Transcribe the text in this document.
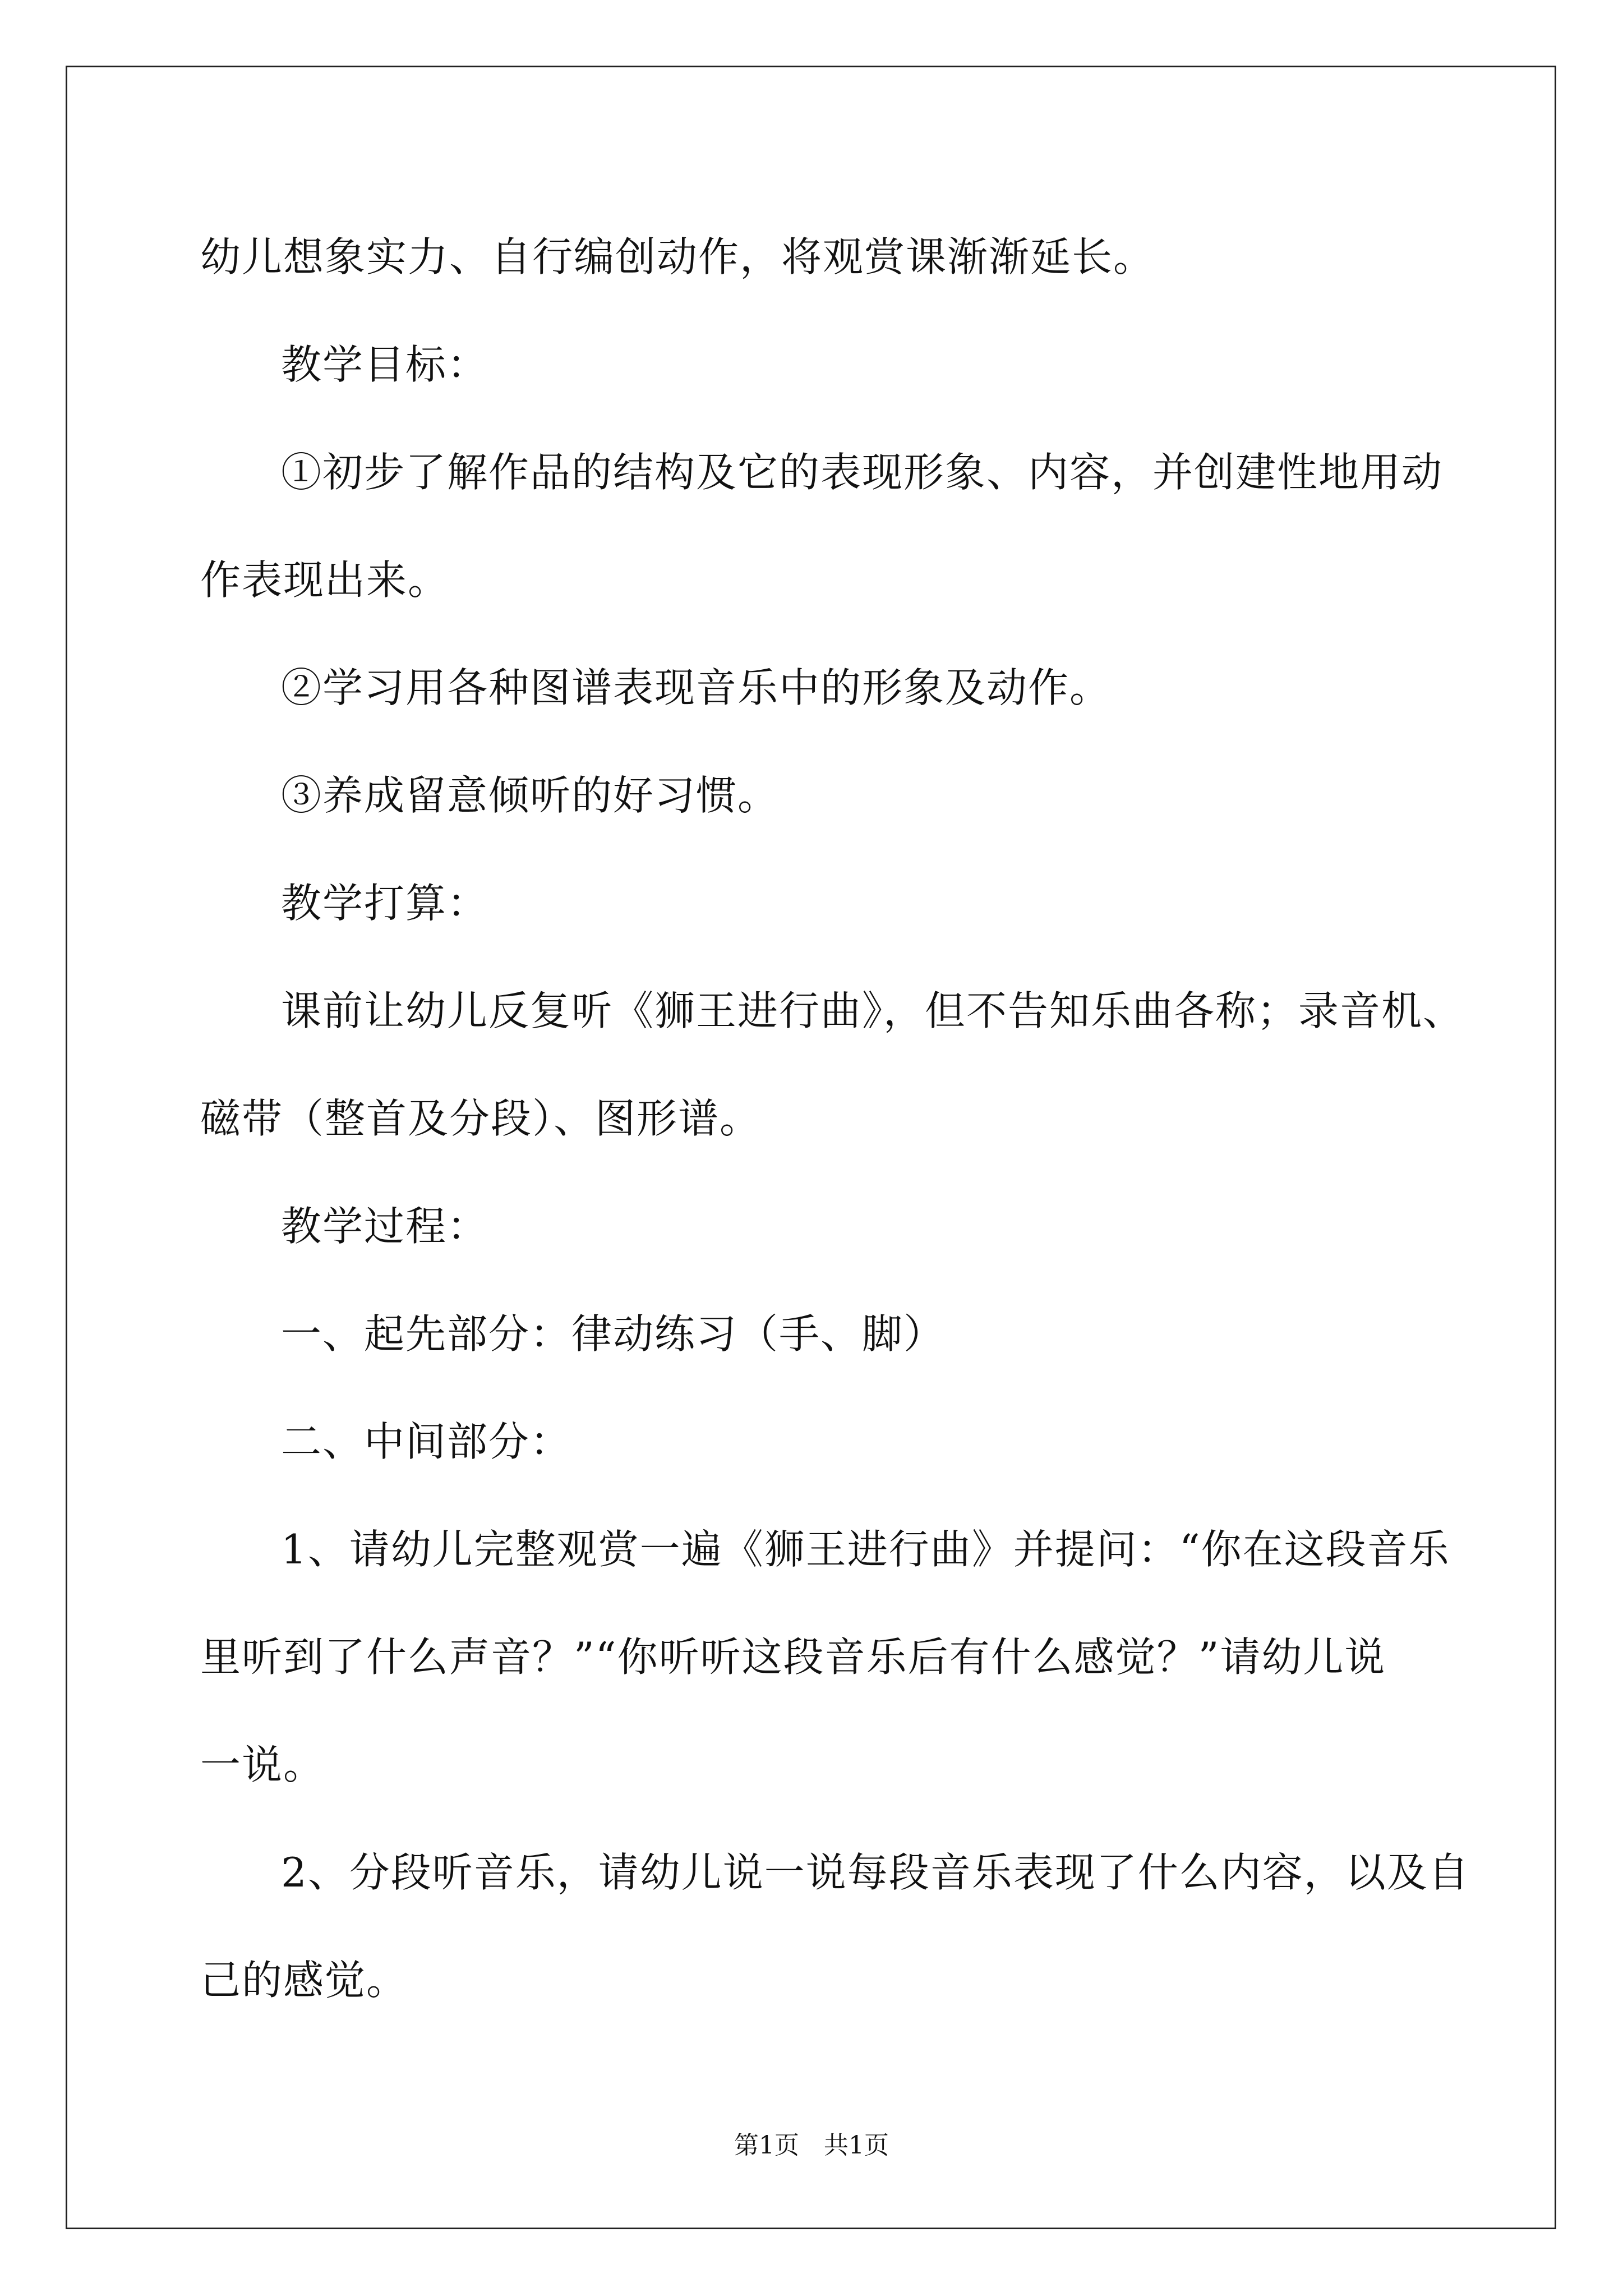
幼儿想象实力、自行编创动作，将观赏课渐渐延长。

教学目标：

①初步了解作品的结构及它的表现形象、内容，并创建性地用动

作表现出来。

②学习用各种图谱表现音乐中的形象及动作。

③养成留意倾听的好习惯。

教学打算：

课前让幼儿反复听《狮王进行曲》，但不告知乐曲各称；录音机、

磁带（整首及分段）、图形谱。

教学过程：

一、起先部分：律动练习（手、脚）

二、中间部分：

1、请幼儿完整观赏一遍《狮王进行曲》并提问：“你在这段音乐

里听到了什么声音？”“你听听这段音乐后有什么感觉？”请幼儿说

一说。

2、分段听音乐，请幼儿说一说每段音乐表现了什么内容，以及自

己的感觉。

第1页　共1页
